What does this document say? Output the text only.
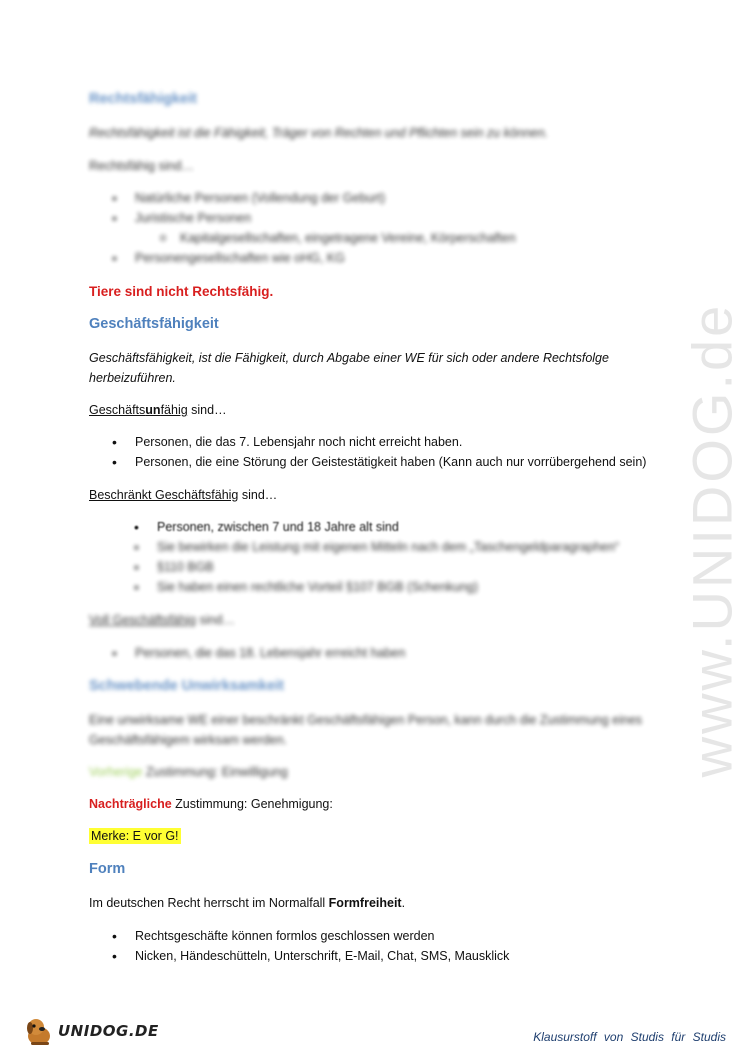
www.UNIDOG.de
Rechtsfähigkeit
Rechtsfähigkeit ist die Fähigkeit, Träger von Rechten und Pflichten sein zu können.
Rechtsfähig sind…
• Natürliche Personen (Vollendung der Geburt)
• Juristische Personen
o Kapitalgesellschaften, eingetragene Vereine, Körperschaften
• Personengesellschaften wie oHG, KG
Tiere sind nicht Rechtsfähig.
Geschäftsfähigkeit
Geschäftsfähigkeit, ist die Fähigkeit, durch Abgabe einer WE für sich oder andere Rechtsfolge
herbeizuführen.
Geschäftsunfähig sind…
• Personen, die das 7. Lebensjahr noch nicht erreicht haben.
• Personen, die eine Störung der Geistestätigkeit haben (Kann auch nur vorrübergehend sein)
Beschränkt Geschäftsfähig sind…
• Personen, zwischen 7 und 18 Jahre alt sind
• Sie bewirken die Leistung mit eigenen Mitteln nach dem „Taschengeldparagraphen“
• §110 BGB
• Sie haben einen rechtliche Vorteil §107 BGB (Schenkung)
Voll Geschäftsfähig sind…
• Personen, die das 18. Lebensjahr erreicht haben
Schwebende Unwirksamkeit
Eine unwirksame WE einer beschränkt Geschäftsfähigen Person, kann durch die Zustimmung eines
Geschäftsfähigem wirksam werden.
Vorherige Zustimmung: Einwilligung
Nachträgliche Zustimmung: Genehmigung:
Merke: E vor G!
Form
Im deutschen Recht herrscht im Normalfall Formfreiheit.
• Rechtsgeschäfte können formlos geschlossen werden
• Nicken, Händeschütteln, Unterschrift, E-Mail, Chat, SMS, Mausklick
UNIDOG.DE	Klausurstoff von Studis für Studis
